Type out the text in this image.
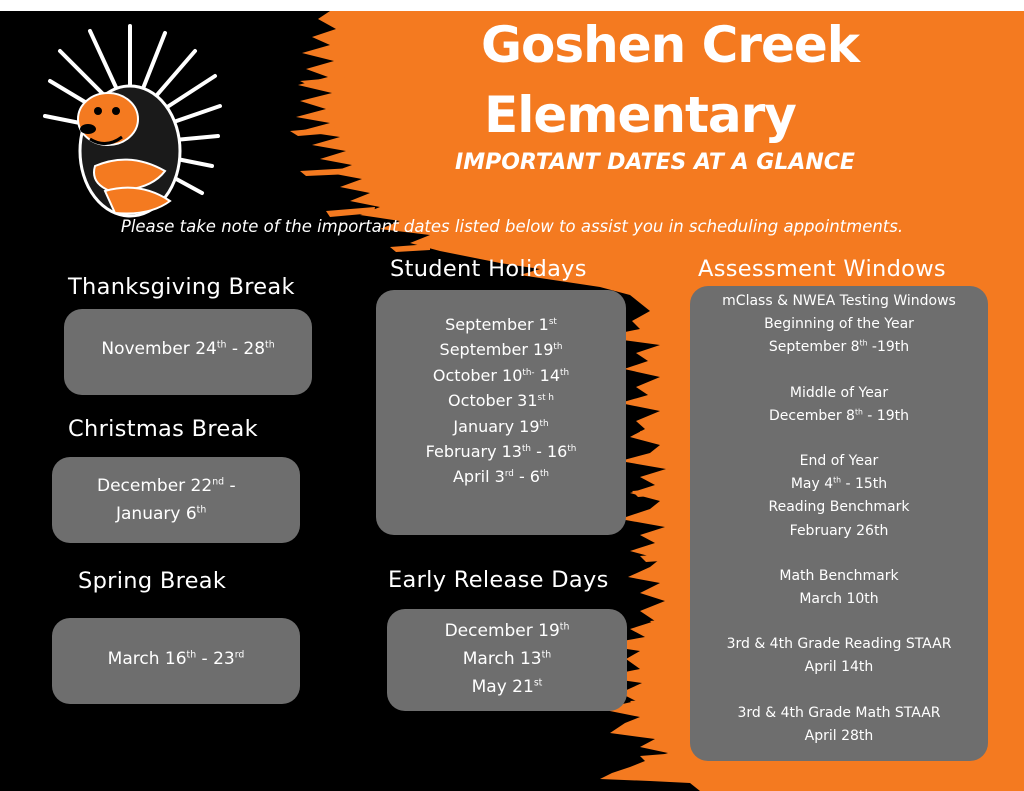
Goshen Creek
Elementary
IMPORTANT DATES AT A GLANCE
Please take note of the important dates listed below to assist you in scheduling appointments.
Thanksgiving Break
November 24th - 28th
Christmas Break
December 22nd -
January 6th
Spring Break
March 16th - 23rd
Student Holidays
September 1st
September 19th
October $10^{th-}$ 14th
October $31^{st h}$
January 19th
February 13th - 16th
April 3rd - 6th
Early Release Days
December 19th
March 13th
May 21st
Assessment Windows
mClass & NWEA Testing Windows
Beginning of the Year
September 8th -19th
Middle of Year
December 8th - 19th
End of Year
May 4th - 15th
Reading Benchmark
February 26th
Math Benchmark
March 10th
3rd & 4th Grade Reading STAAR
April 14th
3rd & 4th Grade Math STAAR
April 28th
